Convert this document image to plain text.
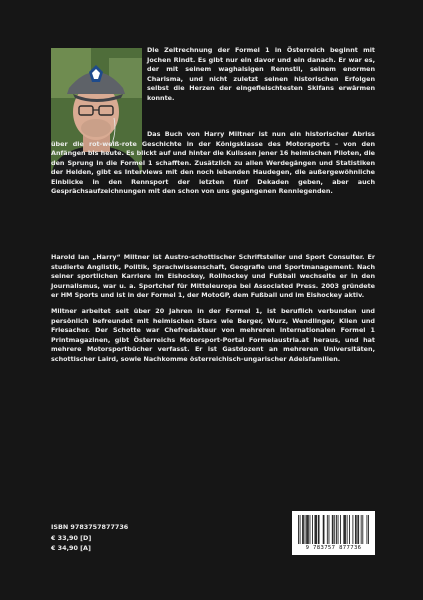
Die Zeitrechnung der Formel 1 in Österreich beginnt mit Jochen Rindt. Es gibt nur ein davor und ein danach. Er war es, der mit seinem waghalsigen Rennstil, seinem enormen Charisma, und nicht zuletzt seinen historischen Erfolgen selbst die Herzen der eingefleischtesten Skifans erwärmen konnte.

Das Buch von Harry Miltner ist nun ein historischer Abriss über die rot-weiß-rote Geschichte in der Königsklasse des Motorsports – von den Anfängen bis heute. Es blickt auf und hinter die Kulissen jener 16 heimischen Piloten, die den Sprung in die Formel 1 schafften. Zusätzlich zu allen Werdegängen und Statistiken der Helden, gibt es Interviews mit den noch lebenden Haudegen, die außergewöhnliche Einblicke in den Rennsport der letzten fünf Dekaden geben, aber auch Gesprächsaufzeichnungen mit den schon von uns gegangenen Rennlegenden.

Harold Ian „Harry“ Miltner ist Austro-schottischer Schriftsteller und Sport Consulter. Er studierte Anglistik, Politik, Sprachwissenschaft, Geografie und Sportmanagement. Nach seiner sportlichen Karriere im Eishockey, Rollhockey und Fußball wechselte er in den Journalismus, war u. a. Sportchef für Mitteleuropa bei Associated Press. 2003 gründete er HM Sports und ist in der Formel 1, der MotoGP, dem Fußball und im Eishockey aktiv.

Miltner arbeitet seit über 20 Jahren in der Formel 1, ist beruflich verbunden und persönlich befreundet mit heimischen Stars wie Berger, Wurz, Wendlinger, Klien und Friesacher. Der Schotte war Chefredakteur von mehreren internationalen Formel 1 Printmagazinen, gibt Österreichs Motorsport-Portal Formelaustria.at heraus, und hat mehrere Motorsportbücher verfasst. Er ist Gastdozent an mehreren Universitäten, schottischer Laird, sowie Nachkomme österreichisch-ungarischer Adelsfamilien.

ISBN 9783757877736
€ 33,90 [D]
€ 34,90 [A]	9 783757 877736
